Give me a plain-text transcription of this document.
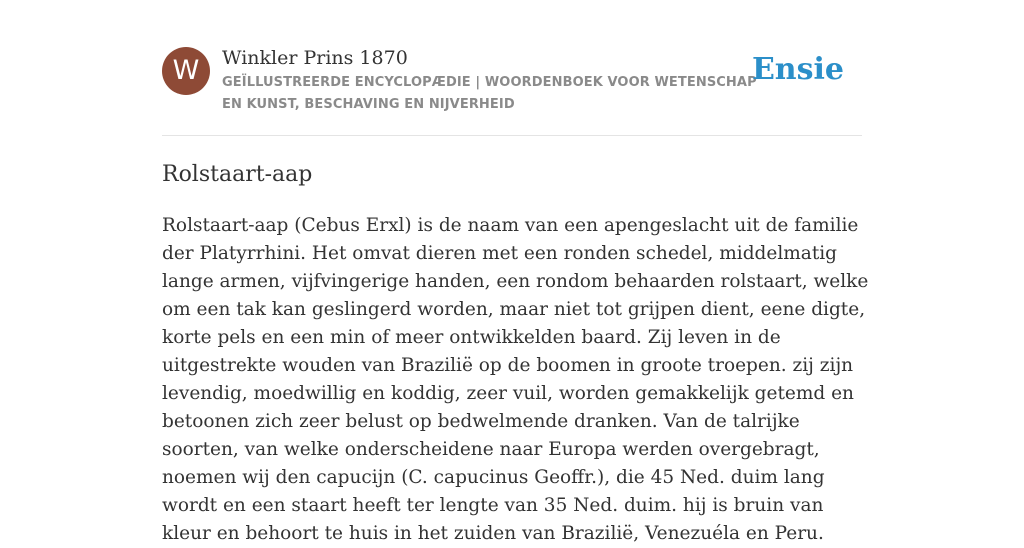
W	Winkler Prins 1870
GEÏLLUSTREERDE ENCYCLOPÆDIE | WOORDENBOEK VOOR WETENSCHAP EN KUNST, BESCHAVING EN NIJVERHEID
Ensie
Rolstaart-aap

Rolstaart-aap (Cebus Erxl) is de naam van een apengeslacht uit de familie der Platyrrhini. Het omvat dieren met een ronden schedel, middelmatig lange armen, vijfvingerige handen, een rondom behaarden rolstaart, welke om een tak kan geslingerd worden, maar niet tot grijpen dient, eene digte, korte pels en een min of meer ontwikkelden baard. Zij leven in de uitgestrekte wouden van Brazilië op de boomen in groote troepen. zij zijn levendig, moedwillig en koddig, zeer vuil, worden gemakkelijk getemd en betoonen zich zeer belust op bedwelmende dranken. Van de talrijke soorten, van welke onderscheidene naar Europa werden overgebragt, noemen wij den capucijn (C. capucinus Geoffr.), die 45 Ned. duim lang wordt en een staart heeft ter lengte van 35 Ned. duim. hij is bruin van kleur en behoort te huis in het zuiden van Brazilië, Venezuéla en Peru.
